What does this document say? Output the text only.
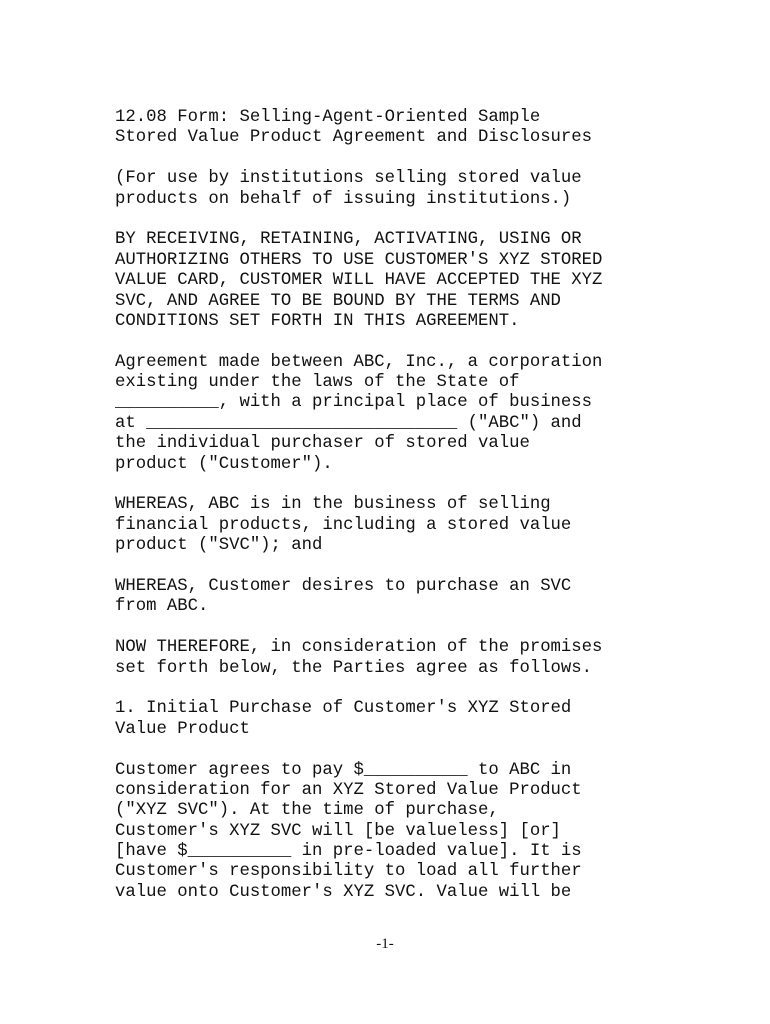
12.08 Form: Selling-Agent-Oriented Sample
Stored Value Product Agreement and Disclosures
(For use by institutions selling stored value
products on behalf of issuing institutions.)
BY RECEIVING, RETAINING, ACTIVATING, USING OR
AUTHORIZING OTHERS TO USE CUSTOMER'S XYZ STORED
VALUE CARD, CUSTOMER WILL HAVE ACCEPTED THE XYZ
SVC, AND AGREE TO BE BOUND BY THE TERMS AND
CONDITIONS SET FORTH IN THIS AGREEMENT.
Agreement made between ABC, Inc., a corporation
existing under the laws of the State of
__________, with a principal place of business
at ______________________________ ("ABC") and
the individual purchaser of stored value
product ("Customer").
WHEREAS, ABC is in the business of selling
financial products, including a stored value
product ("SVC"); and
WHEREAS, Customer desires to purchase an SVC
from ABC.
NOW THEREFORE, in consideration of the promises
set forth below, the Parties agree as follows.
1. Initial Purchase of Customer's XYZ Stored
Value Product
Customer agrees to pay $__________ to ABC in
consideration for an XYZ Stored Value Product
("XYZ SVC"). At the time of purchase,
Customer's XYZ SVC will [be valueless] [or]
[have $__________ in pre-loaded value]. It is
Customer's responsibility to load all further
value onto Customer's XYZ SVC. Value will be
-1-
